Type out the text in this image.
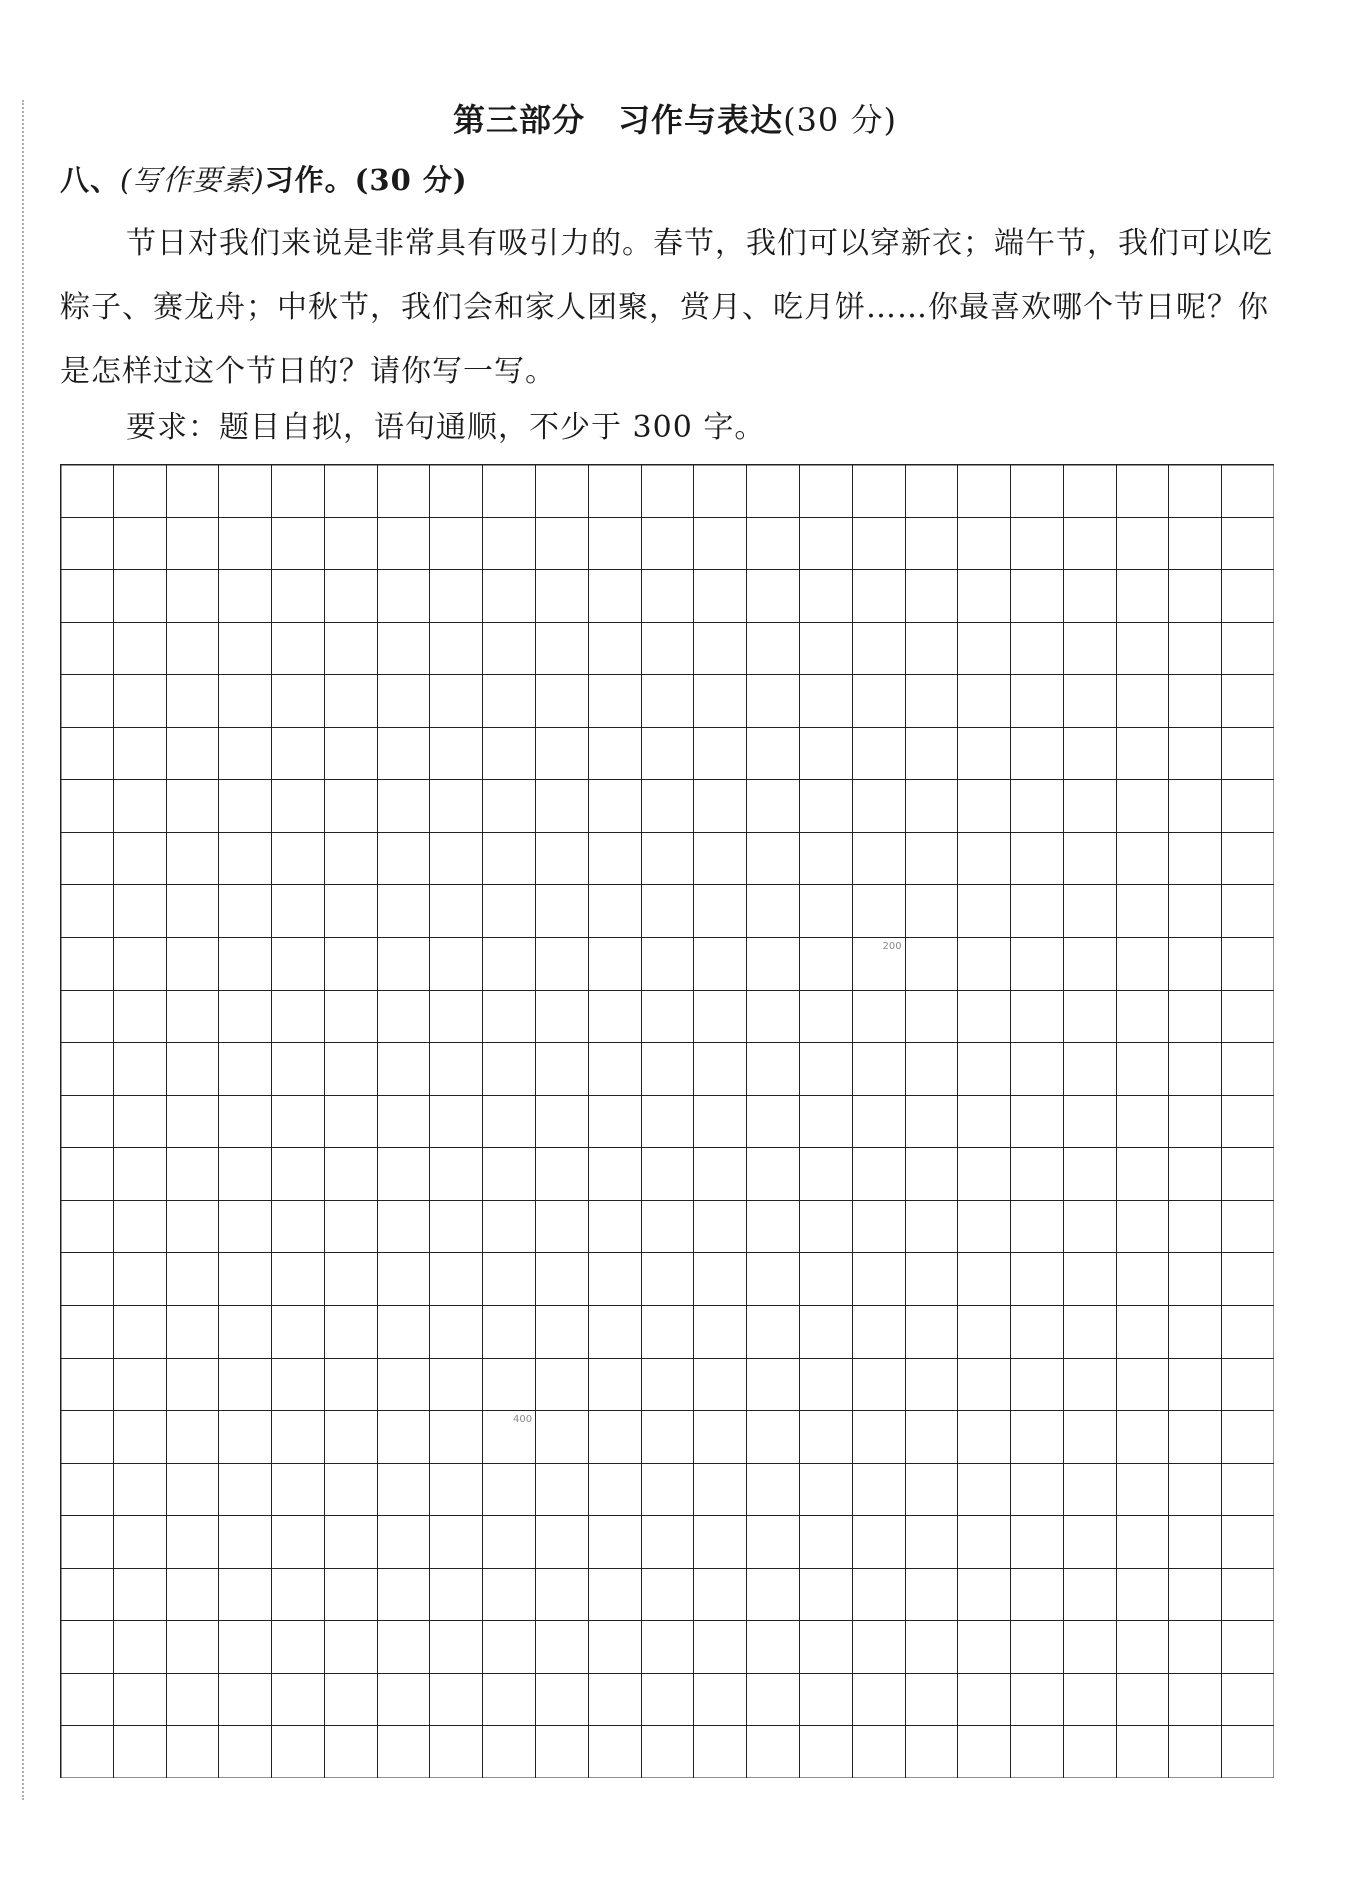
第三部分　习作与表达(30 分)
八、(写作要素)习作。(30 分)

节日对我们来说是非常具有吸引力的。春节，我们可以穿新衣；端午节，我们可以吃粽子、赛龙舟；中秋节，我们会和家人团聚，赏月、吃月饼……你最喜欢哪个节日呢？你是怎样过这个节日的？请你写一写。

要求：题目自拟，语句通顺，不少于 300 字。

200
400
